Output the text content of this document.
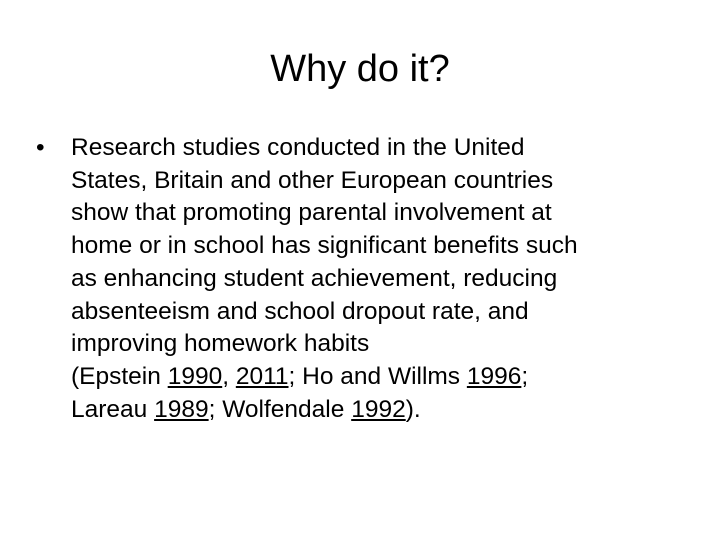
Why do it?
• Research studies conducted in the United
States, Britain and other European countries
show that promoting parental involvement at
home or in school has significant benefits such
as enhancing student achievement, reducing
absenteeism and school dropout rate, and
improving homework habits
(Epstein 1990, 2011; Ho and Willms 1996;
Lareau 1989; Wolfendale 1992).
